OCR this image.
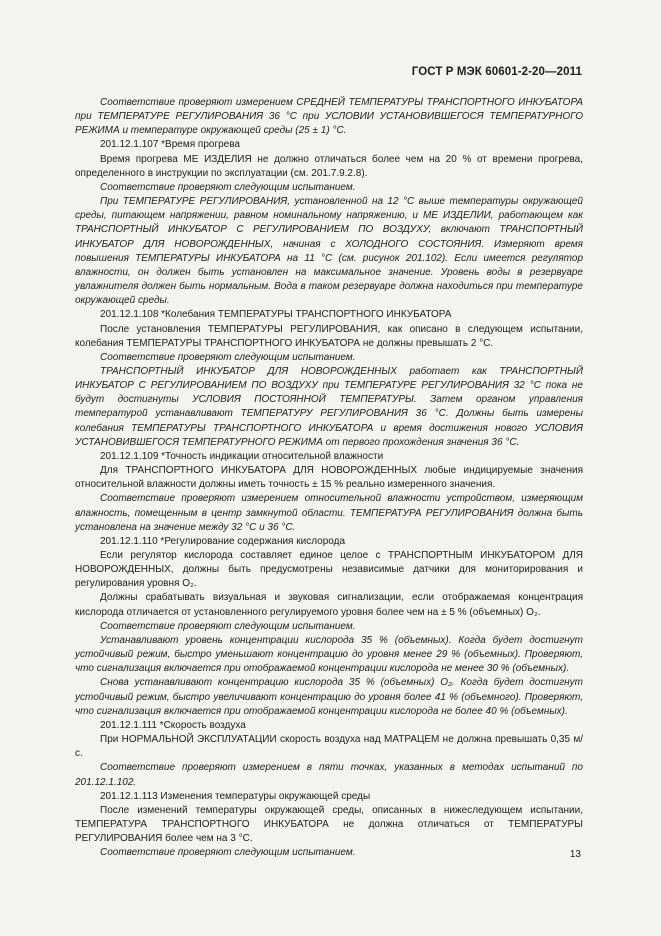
ГОСТ Р МЭК 60601-2-20—2011

Соответствие проверяют измерением СРЕДНЕЙ ТЕМПЕРАТУРЫ ТРАНСПОРТНОГО ИНКУБАТОРА при ТЕМПЕРАТУРЕ РЕГУЛИРОВАНИЯ 36 °С при УСЛОВИИ УСТАНОВИВШЕГОСЯ ТЕМПЕРАТУРНОГО РЕЖИМА и температуре окружающей среды (25 ± 1) °С.

201.12.1.107 *Время прогрева

Время прогрева МЕ ИЗДЕЛИЯ не должно отличаться более чем на 20 % от времени прогрева, определенного в инструкции по эксплуатации (см. 201.7.9.2.8).

Соответствие проверяют следующим испытанием.

При ТЕМПЕРАТУРЕ РЕГУЛИРОВАНИЯ, установленной на 12 °С выше температуры окружающей среды, питающем напряжении, равном номинальному напряжению, и МЕ ИЗДЕЛИИ, работающем как ТРАНСПОРТНЫЙ ИНКУБАТОР С РЕГУЛИРОВАНИЕМ ПО ВОЗДУХУ, включают ТРАНСПОРТНЫЙ ИНКУБАТОР ДЛЯ НОВОРОЖДЕННЫХ, начиная с ХОЛОДНОГО СОСТОЯНИЯ. Измеряют время повышения ТЕМПЕРАТУРЫ ИНКУБАТОРА на 11 °С (см. рисунок 201.102). Если имеется регулятор влажности, он должен быть установлен на максимальное значение. Уровень воды в резервуаре увлажнителя должен быть нормальным. Вода в таком резервуаре должна находиться при температуре окружающей среды.

201.12.1.108 *Колебания ТЕМПЕРАТУРЫ ТРАНСПОРТНОГО ИНКУБАТОРА

После установления ТЕМПЕРАТУРЫ РЕГУЛИРОВАНИЯ, как описано в следующем испытании, колебания ТЕМПЕРАТУРЫ ТРАНСПОРТНОГО ИНКУБАТОРА не должны превышать 2 °С.

Соответствие проверяют следующим испытанием.

ТРАНСПОРТНЫЙ ИНКУБАТОР ДЛЯ НОВОРОЖДЕННЫХ работает как ТРАНСПОРТНЫЙ ИНКУБАТОР С РЕГУЛИРОВАНИЕМ ПО ВОЗДУХУ при ТЕМПЕРАТУРЕ РЕГУЛИРОВАНИЯ 32 °С пока не будут достигнуты УСЛОВИЯ ПОСТОЯННОЙ ТЕМПЕРАТУРЫ. Затем органом управления температурой устанавливают ТЕМПЕРАТУРУ РЕГУЛИРОВАНИЯ 36 °С. Должны быть измерены колебания ТЕМПЕРАТУРЫ ТРАНСПОРТНОГО ИНКУБАТОРА и время достижения нового УСЛОВИЯ УСТАНОВИВШЕГОСЯ ТЕМПЕРАТУРНОГО РЕЖИМА от первого прохождения значения 36 °С.

201.12.1.109 *Точность индикации относительной влажности

Для ТРАНСПОРТНОГО ИНКУБАТОРА ДЛЯ НОВОРОЖДЕННЫХ любые индицируемые значения относительной влажности должны иметь точность ± 15 % реально измеренного значения.

Соответствие проверяют измерением относительной влажности устройством, измеряющим влажность, помещенным в центр замкнутой области. ТЕМПЕРАТУРА РЕГУЛИРОВАНИЯ должна быть установлена на значение между 32 °С и 36 °С.

201.12.1.110 *Регулирование содержания кислорода

Если регулятор кислорода составляет единое целое с ТРАНСПОРТНЫМ ИНКУБАТОРОМ ДЛЯ НОВОРОЖДЕННЫХ, должны быть предусмотрены независимые датчики для мониторирования и регулирования уровня О₂.

Должны срабатывать визуальная и звуковая сигнализации, если отображаемая концентрация кислорода отличается от установленного регулируемого уровня более чем на ± 5 % (объемных) О₂.

Соответствие проверяют следующим испытанием.

Устанавливают уровень концентрации кислорода 35 % (объемных). Когда будет достигнут устойчивый режим, быстро уменьшают концентрацию до уровня менее 29 % (объемных). Проверяют, что сигнализация включается при отображаемой концентрации кислорода не менее 30 % (объемных).

Снова устанавливают концентрацию кислорода 35 % (объемных) О₂. Когда будет достигнут устойчивый режим, быстро увеличивают концентрацию до уровня более 41 % (объемного). Проверяют, что сигнализация включается при отображаемой концентрации кислорода не более 40 % (объемных).

201.12.1.111 *Скорость воздуха

При НОРМАЛЬНОЙ ЭКСПЛУАТАЦИИ скорость воздуха над МАТРАЦЕМ не должна превышать 0,35 м/с.

Соответствие проверяют измерением в пяти точках, указанных в методах испытаний по 201.12.1.102.

201.12.1.113 Изменения температуры окружающей среды

После изменений температуры окружающей среды, описанных в нижеследующем испытании, ТЕМПЕРАТУРА ТРАНСПОРТНОГО ИНКУБАТОРА не должна отличаться от ТЕМПЕРАТУРЫ РЕГУЛИРОВАНИЯ более чем на 3 °С.

Соответствие проверяют следующим испытанием.	13
